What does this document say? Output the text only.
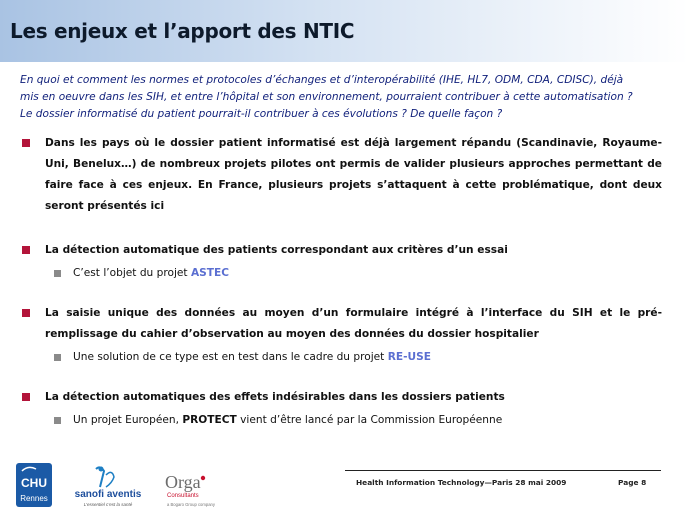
Les enjeux et l’apport des NTIC
En quoi et comment les normes et protocoles d’échanges et d’interopérabilité (IHE, HL7, ODM, CDA, CDISC), déjà
mis en oeuvre dans les SIH, et entre l’hôpital et son environnement, pourraient contribuer à cette automatisation ?
Le dossier informatisé du patient pourrait-il contribuer à ces évolutions ? De quelle façon ?
Dans les pays où le dossier patient informatisé est déjà largement répandu (Scandinavie, Royaume-Uni, Benelux…) de nombreux projets pilotes ont permis de valider plusieurs approches permettant de faire face à ces enjeux. En France, plusieurs projets s’attaquent à cette problématique, dont deux seront présentés ici
La détection automatique des patients correspondant aux critères d’un essai
C’est l’objet du projet ASTEC
La saisie unique des données au moyen d’un formulaire intégré à l’interface du SIH et le pré-remplissage du cahier d’observation au moyen des données du dossier hospitalier
Une solution de ce type est en test dans le cadre du projet RE-USE
La détection automatiques des effets indésirables dans les dossiers patients
Un projet Européen, PROTECT vient d’être lancé par la Commission Européenne
CHU
Rennes	sanofi aventis
L’essentiel c’est la santé
Orga
Consultants
a Bogaro Group company
Health Information Technology—Paris 28 mai 2009	Page 8
